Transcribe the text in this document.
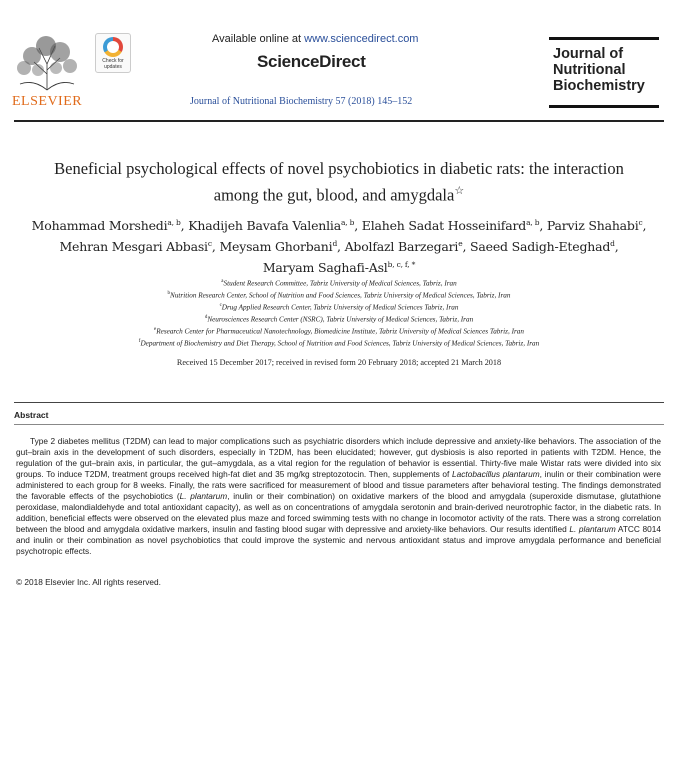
ELSEVIER
Check for updates
Available online at www.sciencedirect.com
ScienceDirect
Journal of Nutritional Biochemistry 57 (2018) 145–152
Journal of
Nutritional
Biochemistry
Beneficial psychological effects of novel psychobiotics in diabetic rats: the interaction
among the gut, blood, and amygdala☆
Mohammad Morshedi$^{a, b}$, Khadijeh Bavafa Valenlia$^{a, b}$, Elaheh Sadat Hosseinifard$^{a, b}$, Parviz Shahabi$^c$,
Mehran Mesgari Abbasi$^c$, Meysam Ghorbani$^d$, Abolfazl Barzegari$^e$, Saeed Sadigh-Eteghad$^d$,
Maryam Saghafi-Asl$^{b, c, f, *}$
$^a$Student Research Committee, Tabriz University of Medical Sciences, Tabriz, Iran
$^b$Nutrition Research Center, School of Nutrition and Food Sciences, Tabriz University of Medical Sciences, Tabriz, Iran
$^c$Drug Applied Research Center, Tabriz University of Medical Sciences Tabriz, Iran
$^d$Neurosciences Research Center (NSRC), Tabriz University of Medical Sciences, Tabriz, Iran
$^e$Research Center for Pharmaceutical Nanotechnology, Biomedicine Institute, Tabriz University of Medical Sciences Tabriz, Iran
$^f$Department of Biochemistry and Diet Therapy, School of Nutrition and Food Sciences, Tabriz University of Medical Sciences, Tabriz, Iran
Received 15 December 2017; received in revised form 20 February 2018; accepted 21 March 2018
Abstract

Type 2 diabetes mellitus (T2DM) can lead to major complications such as psychiatric disorders which include depressive and anxiety-like behaviors. The association of the gut–brain axis in the development of such disorders, especially in T2DM, has been elucidated; however, gut dysbiosis is also reported in patients with T2DM. Hence, the regulation of the gut–brain axis, in particular, the gut–amygdala, as a vital region for the regulation of behavior is essential. Thirty-five male Wistar rats were divided into six groups. To induce T2DM, treatment groups received high-fat diet and 35 mg/kg streptozotocin. Then, supplements of Lactobacillus plantarum, inulin or their combination were administered to each group for 8 weeks. Finally, the rats were sacrificed for measurement of blood and tissue parameters after behavioral testing. The findings demonstrated the favorable effects of the psychobiotics (L. plantarum, inulin or their combination) on oxidative markers of the blood and amygdala (superoxide dismutase, glutathione peroxidase, malondialdehyde and total antioxidant capacity), as well as on concentrations of amygdala serotonin and brain-derived neurotrophic factor, in the diabetic rats. In addition, beneficial effects were observed on the elevated plus maze and forced swimming tests with no change in locomotor activity of the rats. There was a strong correlation between the blood and amygdala oxidative markers, insulin and fasting blood sugar with depressive and anxiety-like behaviors. Our results identified L. plantarum ATCC 8014 and inulin or their combination as novel psychobiotics that could improve the systemic and nervous antioxidant status and improve amygdala performance and beneficial psychotropic effects.

© 2018 Elsevier Inc. All rights reserved.
